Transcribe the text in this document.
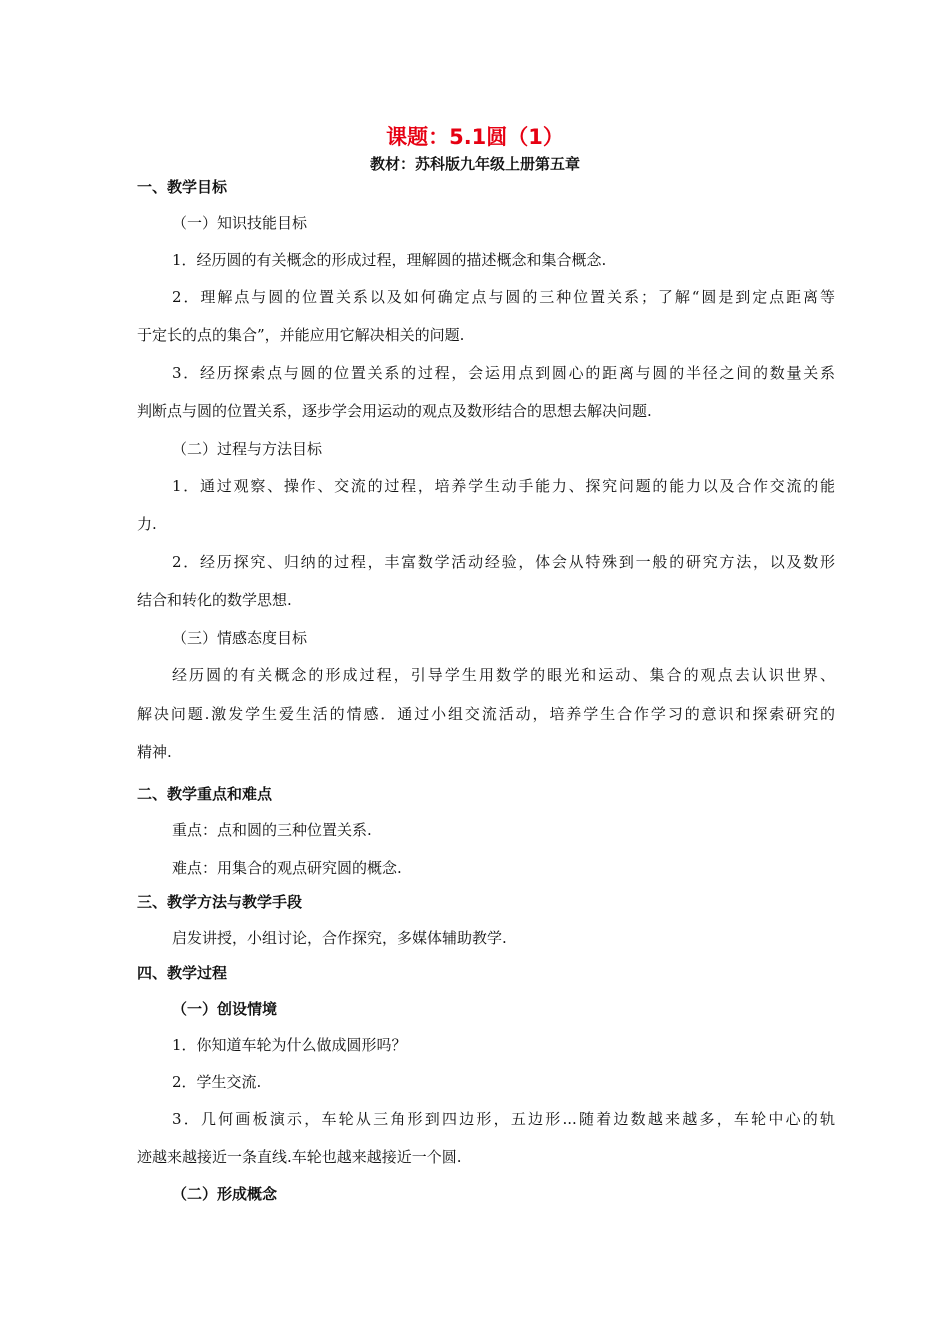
课题：5.1圆（1）
教材：苏科版九年级上册第五章
一、教学目标
（一）知识技能目标
1．经历圆的有关概念的形成过程，理解圆的描述概念和集合概念.
2．理解点与圆的位置关系以及如何确定点与圆的三种位置关系；了解“圆是到定点距离等
于定长的点的集合”，并能应用它解决相关的问题.
3．经历探索点与圆的位置关系的过程，会运用点到圆心的距离与圆的半径之间的数量关系
判断点与圆的位置关系，逐步学会用运动的观点及数形结合的思想去解决问题.
（二）过程与方法目标
1．通过观察、操作、交流的过程，培养学生动手能力、探究问题的能力以及合作交流的能
力.
2．经历探究、归纳的过程，丰富数学活动经验，体会从特殊到一般的研究方法，以及数形
结合和转化的数学思想.
（三）情感态度目标
经历圆的有关概念的形成过程，引导学生用数学的眼光和运动、集合的观点去认识世界、
解决问题.激发学生爱生活的情感．通过小组交流活动，培养学生合作学习的意识和探索研究的
精神.
二、教学重点和难点
重点：点和圆的三种位置关系.
难点：用集合的观点研究圆的概念.
三、教学方法与教学手段
启发讲授，小组讨论，合作探究，多媒体辅助教学.
四、教学过程
（一）创设情境
1．你知道车轮为什么做成圆形吗？
2．学生交流.
3．几何画板演示，车轮从三角形到四边形，五边形...随着边数越来越多，车轮中心的轨
迹越来越接近一条直线.车轮也越来越接近一个圆.
（二）形成概念
